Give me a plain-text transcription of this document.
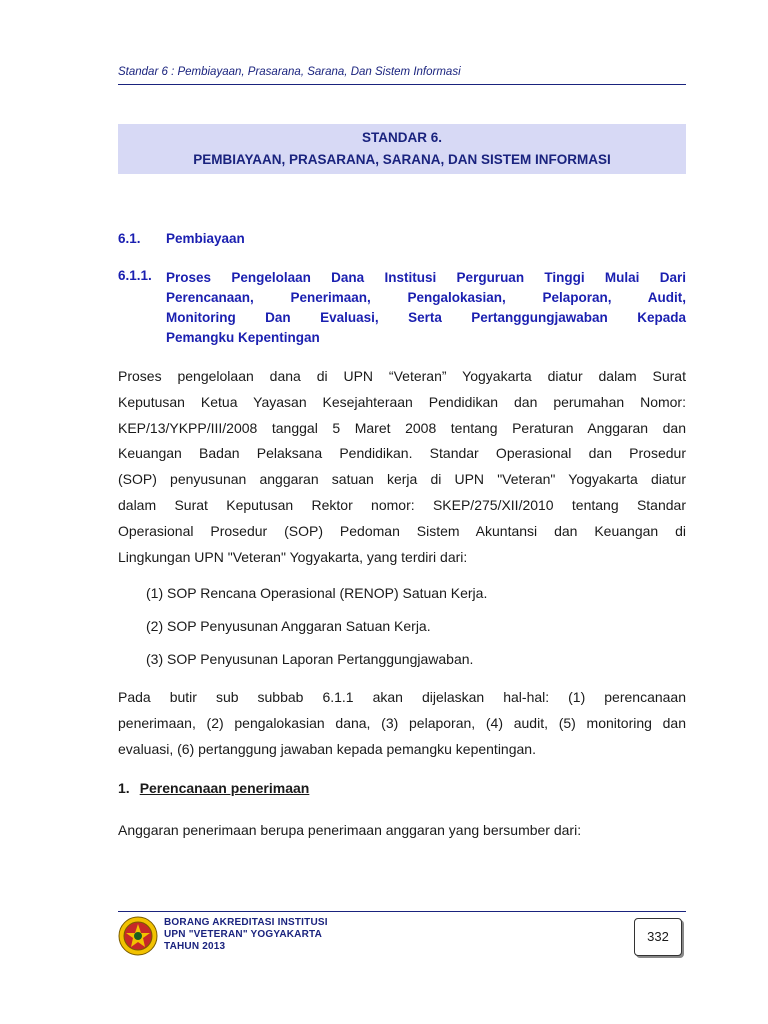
Standar 6 : Pembiayaan, Prasarana, Sarana, Dan Sistem Informasi
STANDAR 6.
PEMBIAYAAN, PRASARANA, SARANA, DAN SISTEM INFORMASI
6.1. Pembiayaan
6.1.1. Proses Pengelolaan Dana Institusi Perguruan Tinggi Mulai Dari
Perencanaan, Penerimaan, Pengalokasian, Pelaporan, Audit,
Monitoring Dan Evaluasi, Serta Pertanggungjawaban Kepada
Pemangku Kepentingan
Proses pengelolaan dana di UPN “Veteran” Yogyakarta diatur dalam Surat
Keputusan Ketua Yayasan Kesejahteraan Pendidikan dan perumahan Nomor:
KEP/13/YKPP/III/2008 tanggal 5 Maret 2008 tentang Peraturan Anggaran dan
Keuangan Badan Pelaksana Pendidikan. Standar Operasional dan Prosedur
(SOP) penyusunan anggaran satuan kerja di UPN "Veteran" Yogyakarta diatur
dalam Surat Keputusan Rektor nomor: SKEP/275/XII/2010 tentang Standar
Operasional Prosedur (SOP) Pedoman Sistem Akuntansi dan Keuangan di
Lingkungan UPN "Veteran" Yogyakarta, yang terdiri dari:
(1) SOP Rencana Operasional (RENOP) Satuan Kerja.
(2) SOP Penyusunan Anggaran Satuan Kerja.
(3) SOP Penyusunan Laporan Pertanggungjawaban.
Pada butir sub subbab 6.1.1 akan dijelaskan hal-hal: (1) perencanaan
penerimaan, (2) pengalokasian dana, (3) pelaporan, (4) audit, (5) monitoring dan
evaluasi, (6) pertanggung jawaban kepada pemangku kepentingan.
1. Perencanaan penerimaan
Anggaran penerimaan berupa penerimaan anggaran yang bersumber dari:
BORANG AKREDITASI INSTITUSI
UPN "VETERAN" YOGYAKARTA
TAHUN 2013
332
